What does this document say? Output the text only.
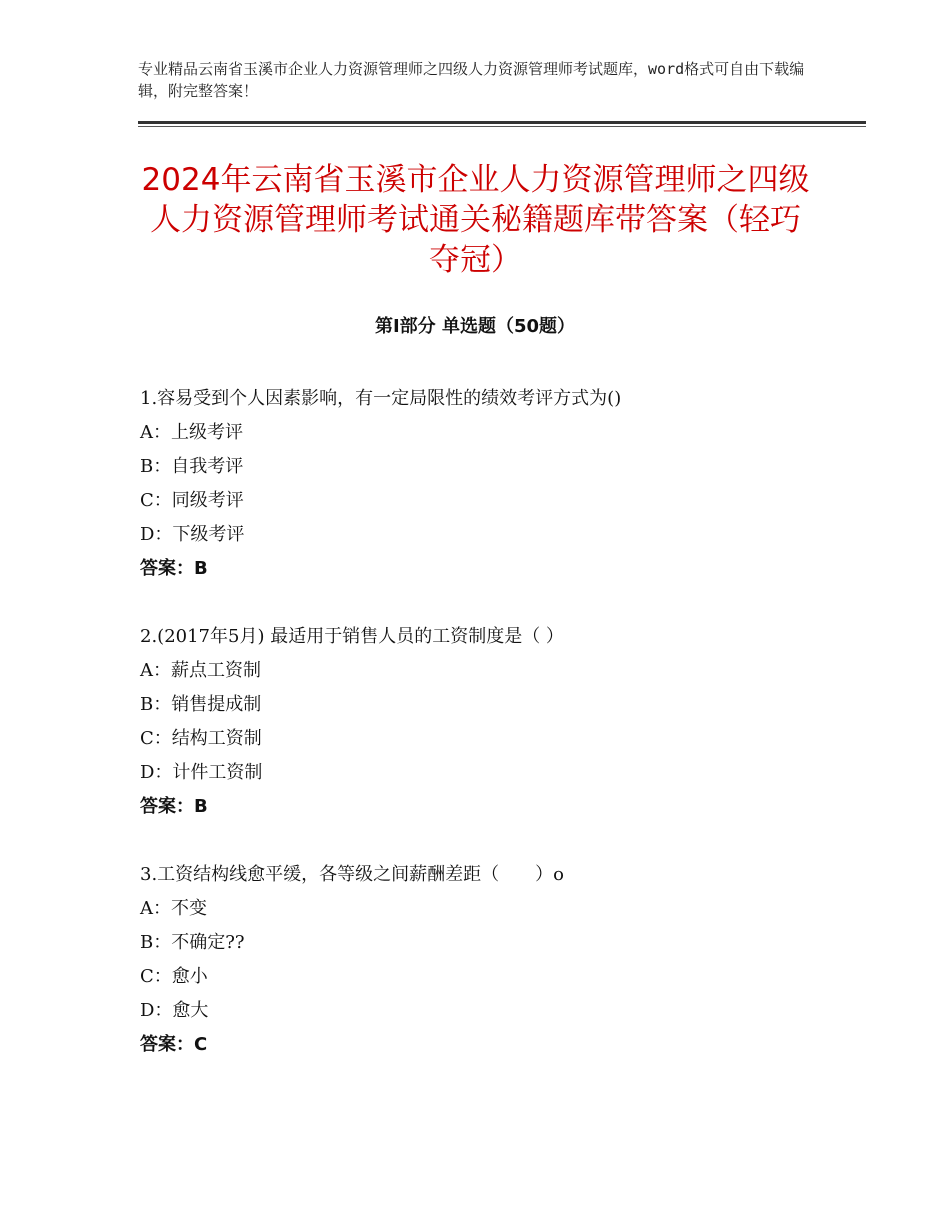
专业精品云南省玉溪市企业人力资源管理师之四级人力资源管理师考试题库，word格式可自由下载编辑，附完整答案！
2024年云南省玉溪市企业人力资源管理师之四级人力资源管理师考试通关秘籍题库带答案（轻巧夺冠）
第Ⅰ部分 单选题（50题）
1.容易受到个人因素影响，有一定局限性的绩效考评方式为()
A：上级考评
B：自我考评
C：同级考评
D：下级考评
答案：B
2.(2017年5月) 最适用于销售人员的工资制度是（ ）
A：薪点工资制
B：销售提成制
C：结构工资制
D：计件工资制
答案：B
3.工资结构线愈平缓，各等级之间薪酬差距（　　）o
A：不变
B：不确定??
C：愈小
D：愈大
答案：C
